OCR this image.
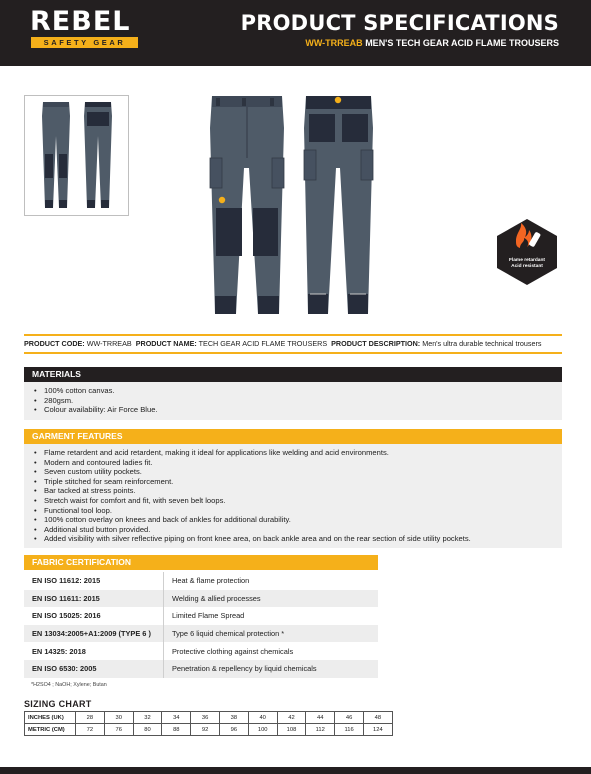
REBEL
SAFETY GEAR
PRODUCT SPECIFICATIONS
WW-TRREAB MEN'S TECH GEAR ACID FLAME TROUSERS
Flame retardant
Acid resistant
PRODUCT CODE: WW-TRREAB PRODUCT NAME: TECH GEAR ACID FLAME TROUSERS PRODUCT DESCRIPTION: Men's ultra durable technical trousers
MATERIALS
• 100% cotton canvas.
• 280gsm.
• Colour availability: Air Force Blue.
GARMENT FEATURES
• Flame retardent and acid retardent, making it ideal for applications like welding and acid environments.
• Modern and contoured ladies fit.
• Seven custom utility pockets.
• Triple stitched for seam reinforcement.
• Bar tacked at stress points.
• Stretch waist for comfort and fit, with seven belt loops.
• Functional tool loop.
• 100% cotton overlay on knees and back of ankles for additional durability.
• Additional stud button provided.
• Added visibility with silver reflective piping on front knee area, on back ankle area and on the rear section of side utility pockets.
FABRIC CERTIFICATION
EN ISO 11612: 2015	Heat & flame protection
EN ISO 11611: 2015	Welding & allied processes
EN ISO 15025: 2016	Limited Flame Spread
EN 13034:2005+A1:2009 (TYPE 6 )	Type 6 liquid chemical protection *
EN 14325: 2018	Protective clothing against chemicals
EN ISO 6530: 2005	Penetration & repellency by liquid chemicals
*H2SO4 ; NaOH; Xylene; Butan
SIZING CHART
INCHES (UK)	28	30	32	34	36	38	40	42	44	46	48
METRIC (CM)	72	76	80	88	92	96	100	108	112	116	124
